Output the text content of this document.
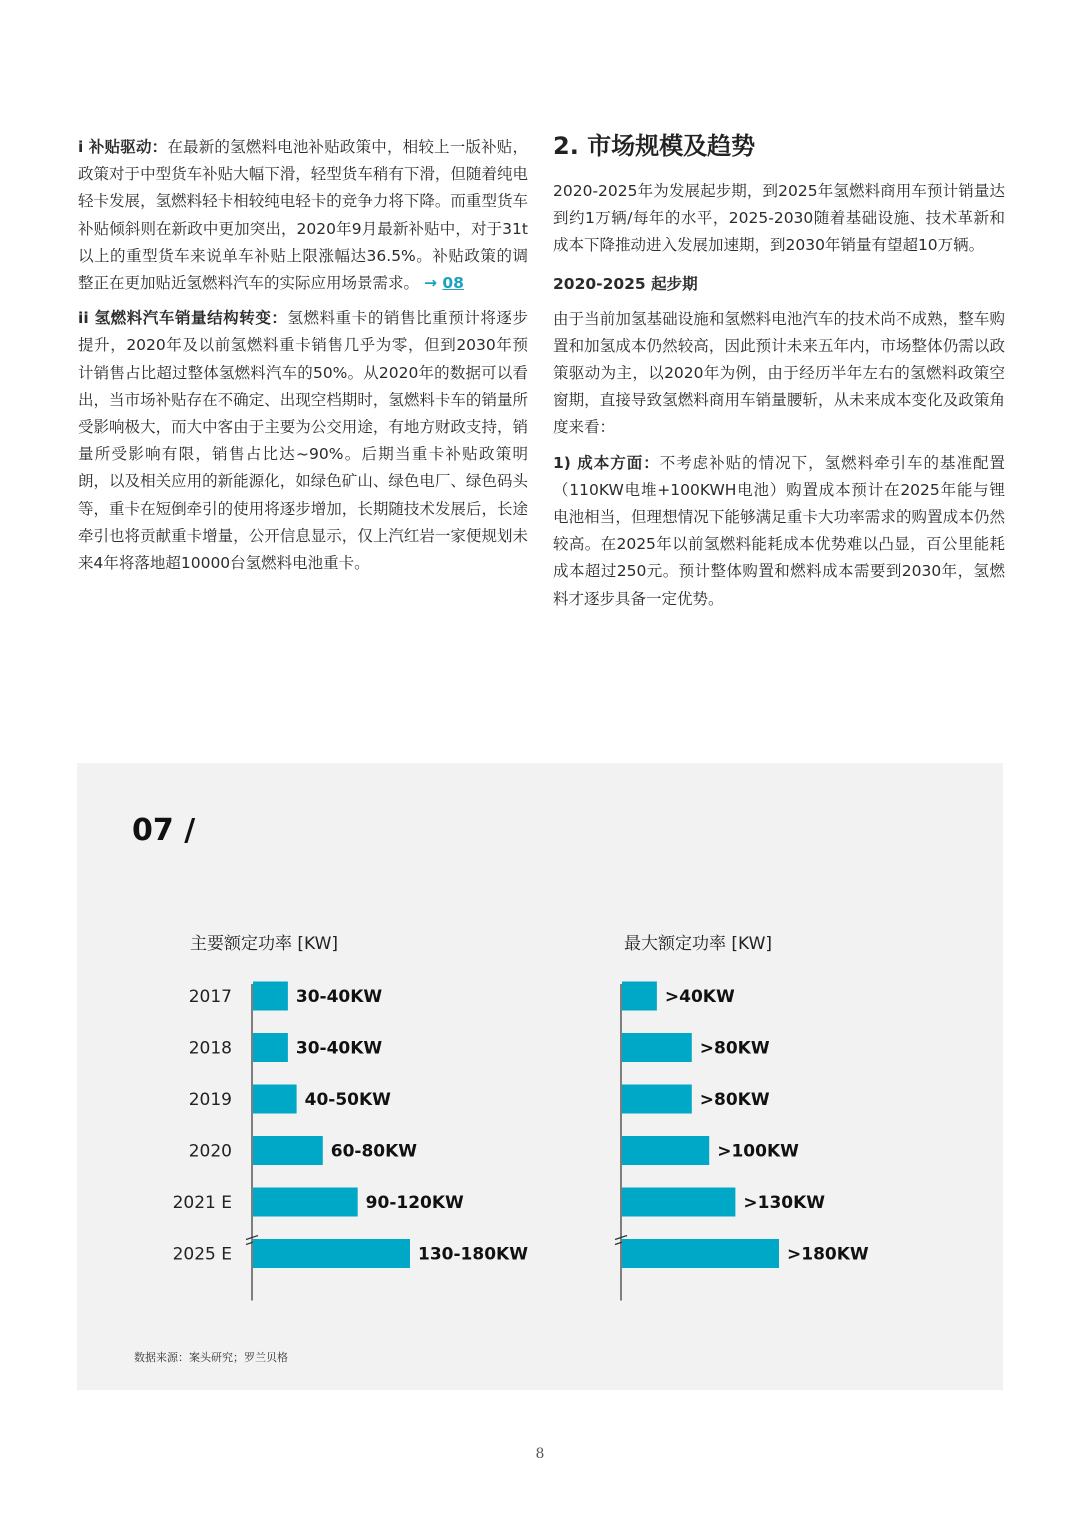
i 补贴驱动：在最新的氢燃料电池补贴政策中，相较上一版补贴，政策对于中型货车补贴大幅下滑，轻型货车稍有下滑，但随着纯电轻卡发展，氢燃料轻卡相较纯电轻卡的竞争力将下降。而重型货车补贴倾斜则在新政中更加突出，2020年9月最新补贴中，对于31t以上的重型货车来说单车补贴上限涨幅达36.5%。补贴政策的调整正在更加贴近氢燃料汽车的实际应用场景需求。 → 08

ii 氢燃料汽车销量结构转变：氢燃料重卡的销售比重预计将逐步提升，2020年及以前氢燃料重卡销售几乎为零，但到2030年预计销售占比超过整体氢燃料汽车的50%。从2020年的数据可以看出，当市场补贴存在不确定、出现空档期时，氢燃料卡车的销量所受影响极大，而大中客由于主要为公交用途，有地方财政支持，销量所受影响有限，销售占比达~90%。后期当重卡补贴政策明朗，以及相关应用的新能源化，如绿色矿山、绿色电厂、绿色码头等，重卡在短倒牵引的使用将逐步增加，长期随技术发展后，长途牵引也将贡献重卡增量，公开信息显示，仅上汽红岩一家便规划未来4年将落地超10000台氢燃料电池重卡。

2. 市场规模及趋势

2020-2025年为发展起步期，到2025年氢燃料商用车预计销量达到约1万辆/每年的水平，2025-2030随着基础设施、技术革新和成本下降推动进入发展加速期，到2030年销量有望超10万辆。

2020-2025 起步期

由于当前加氢基础设施和氢燃料电池汽车的技术尚不成熟，整车购置和加氢成本仍然较高，因此预计未来五年内，市场整体仍需以政策驱动为主，以2020年为例，由于经历半年左右的氢燃料政策空窗期，直接导致氢燃料商用车销量腰斩，从未来成本变化及政策角度来看：

1) 成本方面：不考虑补贴的情况下，氢燃料牵引车的基准配置（110KW电堆+100KWH电池）购置成本预计在2025年能与锂电池相当，但理想情况下能够满足重卡大功率需求的购置成本仍然较高。在2025年以前氢燃料能耗成本优势难以凸显，百公里能耗成本超过250元。预计整体购置和燃料成本需要到2030年，氢燃料才逐步具备一定优势。

07 /
主要额定功率 [KW]
30-40KW
2017
30-40KW
2018
40-50KW
2019
60-80KW
2020
90-120KW
2021 E
130-180KW
2025 E
最大额定功率 [KW]
>40KW
>80KW
>80KW
>100KW
>130KW
>180KW
数据来源：案头研究；罗兰贝格
8
